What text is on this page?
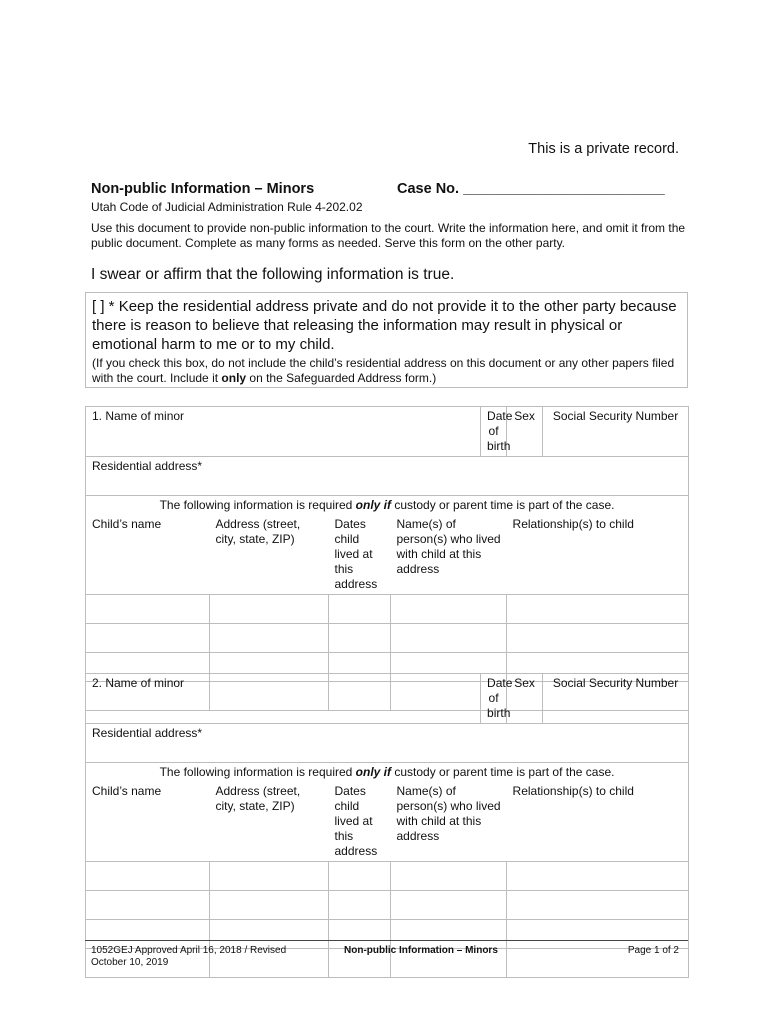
This is a private record.
Non-public Information – Minors	Case No. _________________________
Utah Code of Judicial Administration Rule 4-202.02
Use this document to provide non-public information to the court. Write the information here, and omit it from the public document. Complete as many forms as needed. Serve this form on the other party.
I swear or affirm that the following information is true.
[ ] * Keep the residential address private and do not provide it to the other party because there is reason to believe that releasing the information may result in physical or emotional harm to me or to my child.
(If you check this box, do not include the child’s residential address on this document or any other papers filed with the court. Include it only on the Safeguarded Address form.)
1. Name of minor				Date of birth	Sex	Social Security Number
Residential address*						
The following information is required only if custody or parent time is part of the case.						
Child’s name	Address (street, city, state, ZIP)	Dates child lived at this address	Name(s) of person(s) who lived with child at this address		Relationship(s) to child	

2. Name of minor				Date of birth	Sex	Social Security Number
Residential address*						
The following information is required only if custody or parent time is part of the case.						
Child’s name	Address (street, city, state, ZIP)	Dates child lived at this address	Name(s) of person(s) who lived with child at this address		Relationship(s) to child	

1052GEJ Approved April 16, 2018 / Revised October 10, 2019
Non-public Information – Minors	Page 1 of 2
